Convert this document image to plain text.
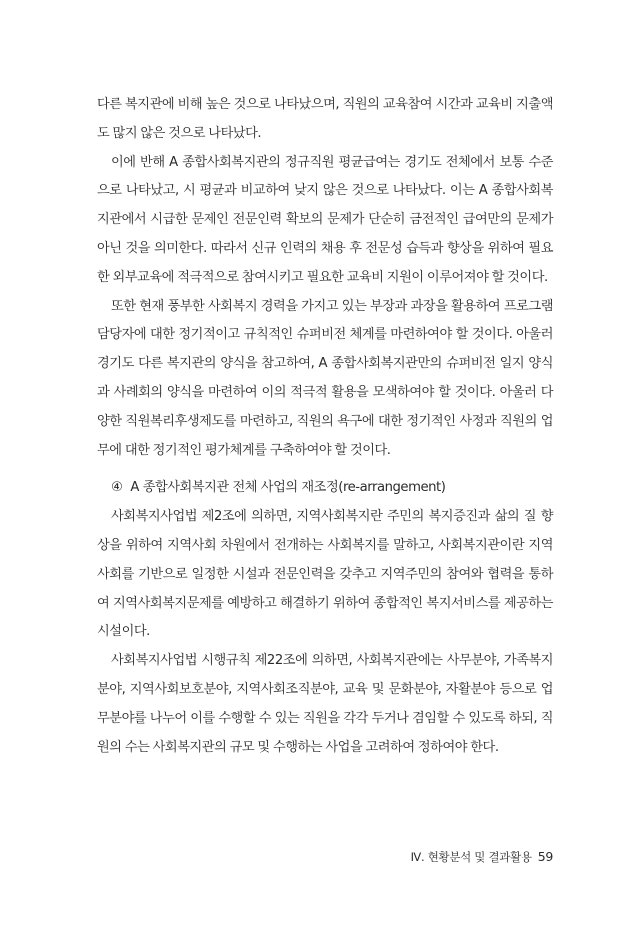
다른 복지관에 비해 높은 것으로 나타났으며, 직원의 교육참여 시간과 교육비 지출액도 많지 않은 것으로 나타났다.

이에 반해 A 종합사회복지관의 정규직원 평균급여는 경기도 전체에서 보통 수준으로 나타났고, 시 평균과 비교하여 낮지 않은 것으로 나타났다. 이는 A 종합사회복지관에서 시급한 문제인 전문인력 확보의 문제가 단순히 금전적인 급여만의 문제가 아닌 것을 의미한다. 따라서 신규 인력의 채용 후 전문성 습득과 향상을 위하여 필요한 외부교육에 적극적으로 참여시키고 필요한 교육비 지원이 이루어져야 할 것이다.

또한 현재 풍부한 사회복지 경력을 가지고 있는 부장과 과장을 활용하여 프로그램 담당자에 대한 정기적이고 규칙적인 슈퍼비전 체계를 마련하여야 할 것이다. 아울러 경기도 다른 복지관의 양식을 참고하여, A 종합사회복지관만의 슈퍼비전 일지 양식과 사례회의 양식을 마련하여 이의 적극적 활용을 모색하여야 할 것이다. 아울러 다양한 직원복리후생제도를 마련하고, 직원의 욕구에 대한 정기적인 사정과 직원의 업무에 대한 정기적인 평가체계를 구축하여야 할 것이다.

④ A 종합사회복지관 전체 사업의 재조정(re-arrangement)

사회복지사업법 제2조에 의하면, 지역사회복지란 주민의 복지증진과 삶의 질 향상을 위하여 지역사회 차원에서 전개하는 사회복지를 말하고, 사회복지관이란 지역사회를 기반으로 일정한 시설과 전문인력을 갖추고 지역주민의 참여와 협력을 통하여 지역사회복지문제를 예방하고 해결하기 위하여 종합적인 복지서비스를 제공하는 시설이다.

사회복지사업법 시행규칙 제22조에 의하면, 사회복지관에는 사무분야, 가족복지분야, 지역사회보호분야, 지역사회조직분야, 교육 및 문화분야, 자활분야 등으로 업무분야를 나누어 이를 수행할 수 있는 직원을 각각 두거나 겸임할 수 있도록 하되, 직원의 수는 사회복지관의 규모 및 수행하는 사업을 고려하여 정하여야 한다.

Ⅳ. 현황분석 및 결과활용 59
